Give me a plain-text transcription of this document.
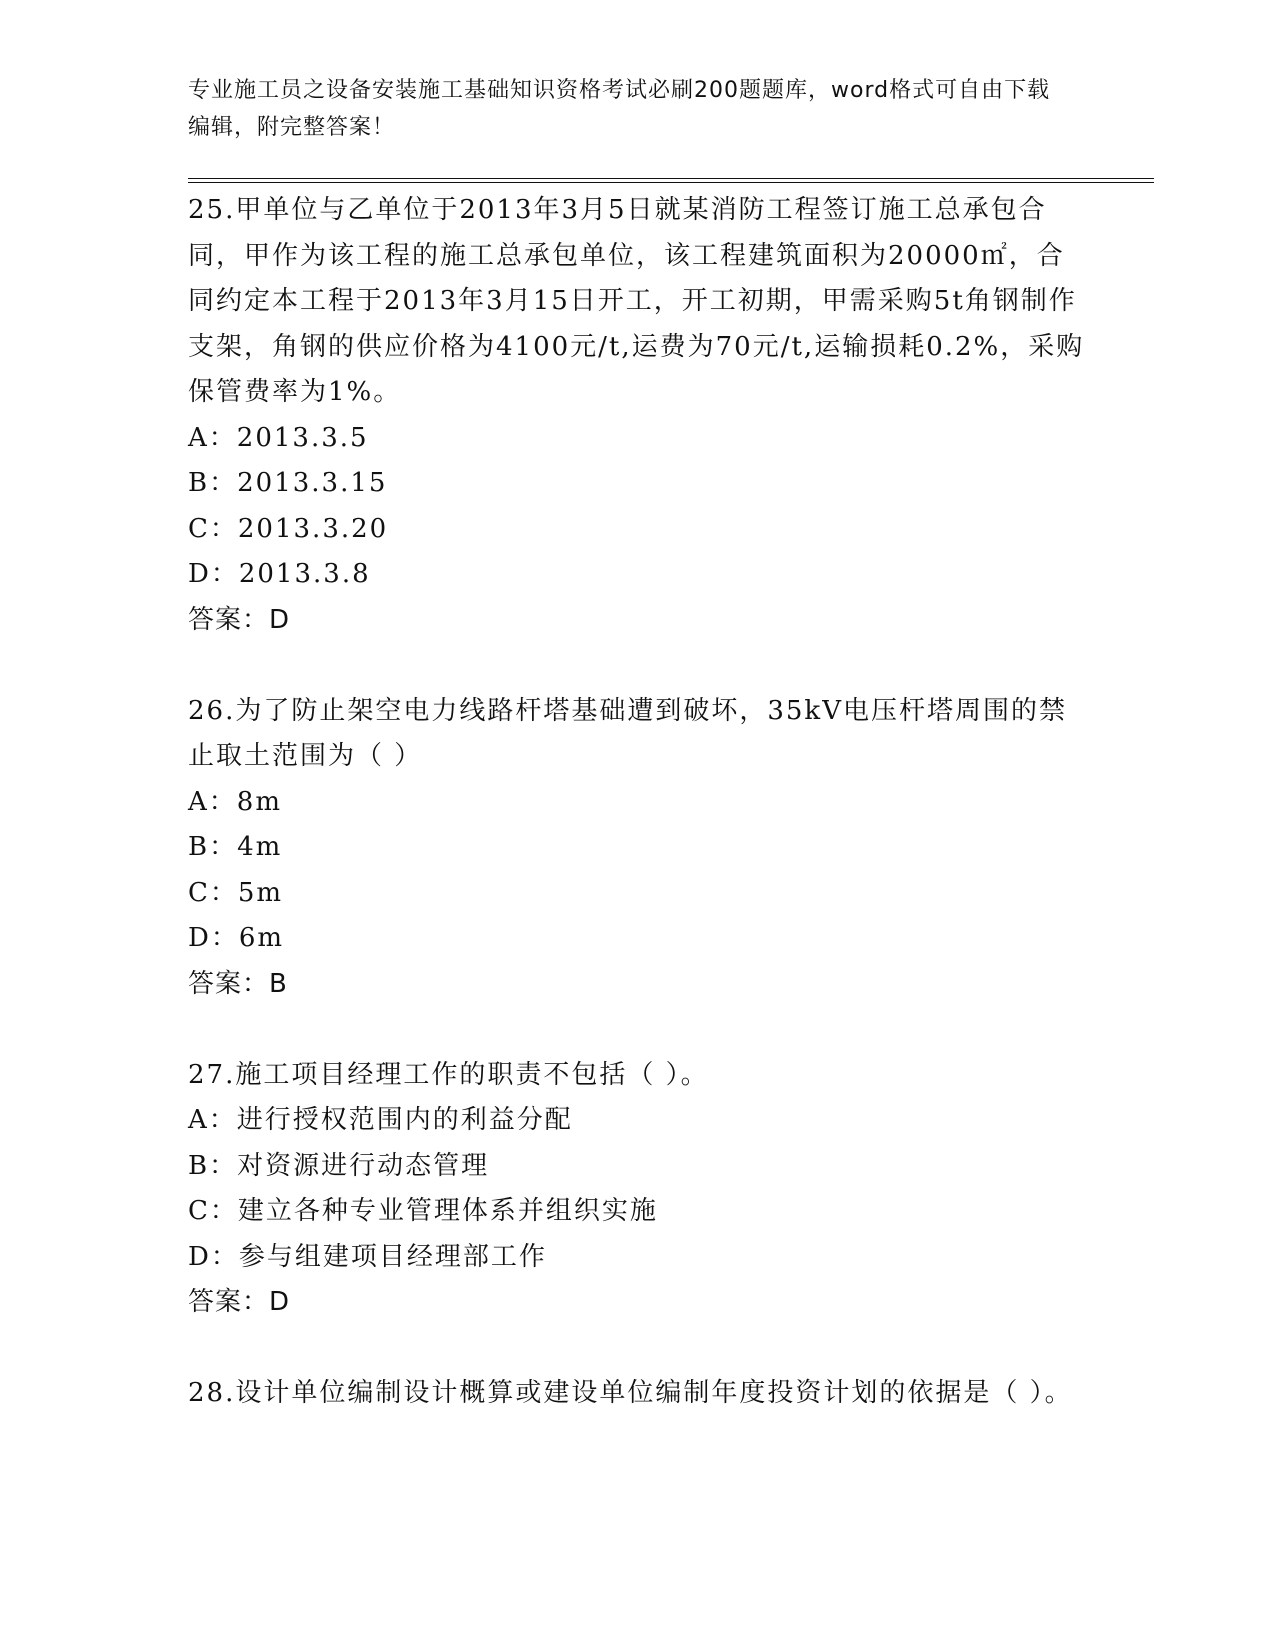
专业施工员之设备安装施工基础知识资格考试必刷200题题库，word格式可自由下载编辑，附完整答案！
25.甲单位与乙单位于2013年3月5日就某消防工程签订施工总承包合同，甲作为该工程的施工总承包单位，该工程建筑面积为20000㎡，合同约定本工程于2013年3月15日开工，开工初期，甲需采购5t角钢制作支架，角钢的供应价格为4100元/t,运费为70元/t,运输损耗0.2%，采购保管费率为1%。
A：2013.3.5
B：2013.3.15
C：2013.3.20
D：2013.3.8
答案：D
26.为了防止架空电力线路杆塔基础遭到破坏，35kV电压杆塔周围的禁止取土范围为（ ）
A：8m
B：4m
C：5m
D：6m
答案：B
27.施工项目经理工作的职责不包括（ ）。
A：进行授权范围内的利益分配
B：对资源进行动态管理
C：建立各种专业管理体系并组织实施
D：参与组建项目经理部工作
答案：D
28.设计单位编制设计概算或建设单位编制年度投资计划的依据是（ ）。
